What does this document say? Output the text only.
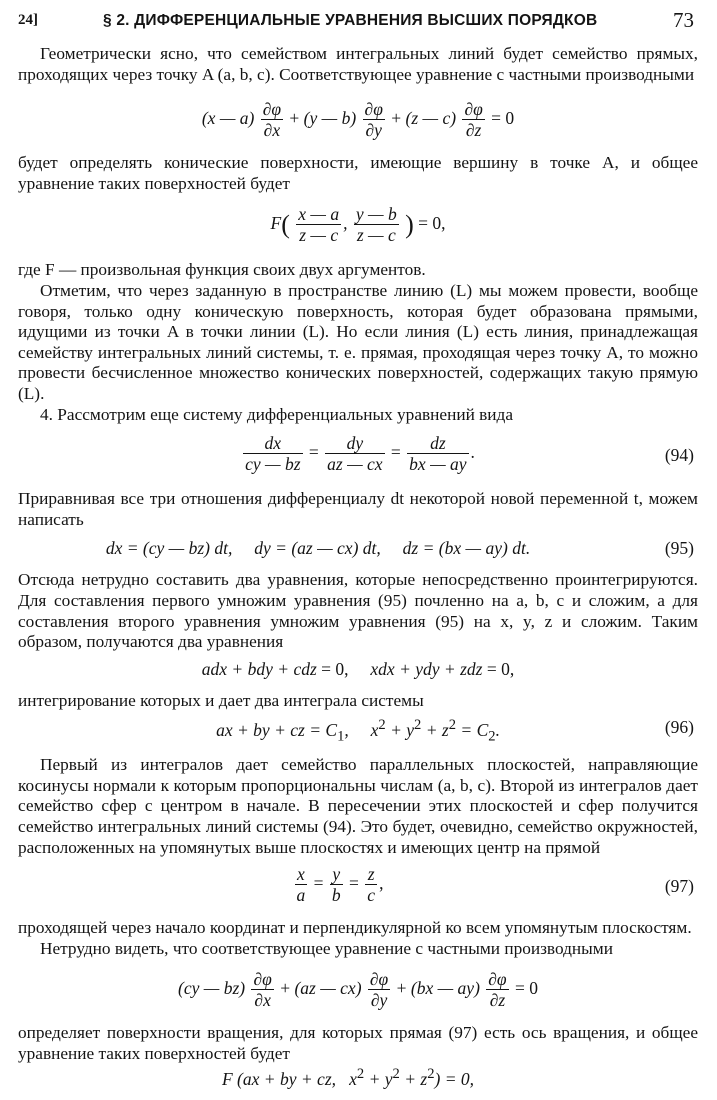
24]	§ 2. ДИФФЕРЕНЦИАЛЬНЫЕ УРАВНЕНИЯ ВЫСШИХ ПОРЯДКОВ	73

Геометрически ясно, что семейством интегральных линий будет семейство прямых, проходящих через точку A (a, b, c). Соответствующее уравнение с частными производными

(x — $a) \frac{\partial\varphi}{\partial x} + (y$ — $b) \frac{\partial\varphi}{\partial y} + (z$ — $c) \frac{\partial\varphi}{\partial z} = 0$

будет определять конические поверхности, имеющие вершину в точке A, и общее уравнение таких поверхностей будет

$F( \frac{x — a}{z — c}$ , $\frac{y — b}{z — c}$ ) = 0,

где F — произвольная функция своих двух аргументов.

Отметим, что через заданную в пространстве линию (L) мы можем провести, вообще говоря, только одну коническую поверхность, которая будет образована прямыми, идущими из точки A в точки линии (L). Но если линия (L) есть линия, принадлежащая семейству интегральных линий системы, т. е. прямая, проходящая через точку A, то можно провести бесчисленное множество конических поверхностей, содержащих такую прямую (L).

4. Рассмотрим еще систему дифференциальных уравнений вида

$\frac{dx}{cy — bz} = \frac{dy}{az — cx} = \frac{dz}{bx — ay}$ .	(94)

Приравнивая все три отношения дифференциалу dt некоторой новой переменной t, можем написать

dx = (cy — bz) dt,     dy = (az — cx) dt,     dz = (bx — ay) dt.	(95)

Отсюда нетрудно составить два уравнения, которые непосредственно проинтегрируются. Для составления первого умножим уравнения (95) почленно на a, b, c и сложим, а для составления второго уравнения умножим уравнения (95) на x, y, z и сложим. Таким образом, получаются два уравнения

adx + bdy + cdz = 0, xdx + ydy + zdz = 0,

интегрирование которых и дает два интеграла системы

ax + by + cz = $C_1$,     $x^2 + y^2 + z^2 = C_2$.	(96)

Первый из интегралов дает семейство параллельных плоскостей, направляющие косинусы нормали к которым пропорциональны числам (a, b, c). Второй из интегралов дает семейство сфер с центром в начале. В пересечении этих плоскостей и сфер получится семейство интегральных линий системы (94). Это будет, очевидно, семейство окружностей, расположенных на упомянутых выше плоскостях и имеющих центр на прямой

$\frac{x}{a} = \frac{y}{b} = \frac{z}{c}$ ,	(97)

проходящей через начало координат и перпендикулярной ко всем упомянутым плоскостям.

Нетрудно видеть, что соответствующее уравнение с частными производными

(cy — $bz) \frac{\partial\varphi}{\partial x} + (az$ — $cx) \frac{\partial\varphi}{\partial y} + (bx$ — $ay) \frac{\partial\varphi}{\partial z} = 0$

определяет поверхности вращения, для которых прямая (97) есть ось вращения, и общее уравнение таких поверхностей будет

F (ax + by + cz,   $x^2 + y^2 + z^2) = 0$,
